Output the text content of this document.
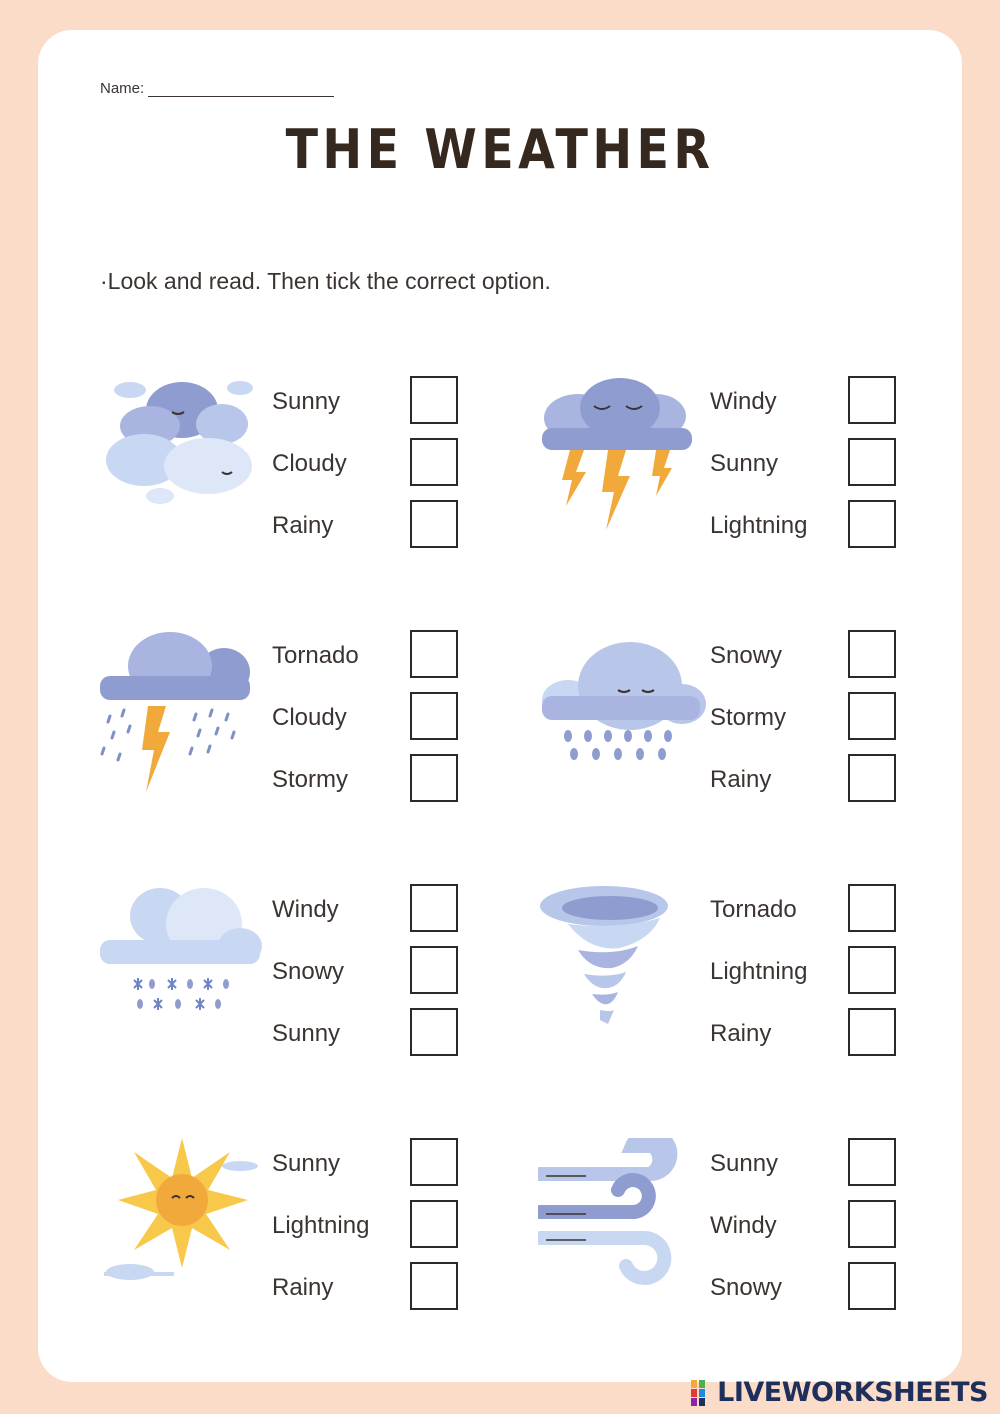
Name:
THE WEATHER
·Look and read. Then tick the correct option.
Sunny
Cloudy
Rainy
Windy
Sunny
Lightning
Tornado
Cloudy
Stormy
Snowy
Stormy
Rainy
Windy
Snowy
Sunny
Tornado
Lightning
Rainy
Sunny
Lightning
Rainy
Sunny
Windy
Snowy
LIVEWORKSHEETS
